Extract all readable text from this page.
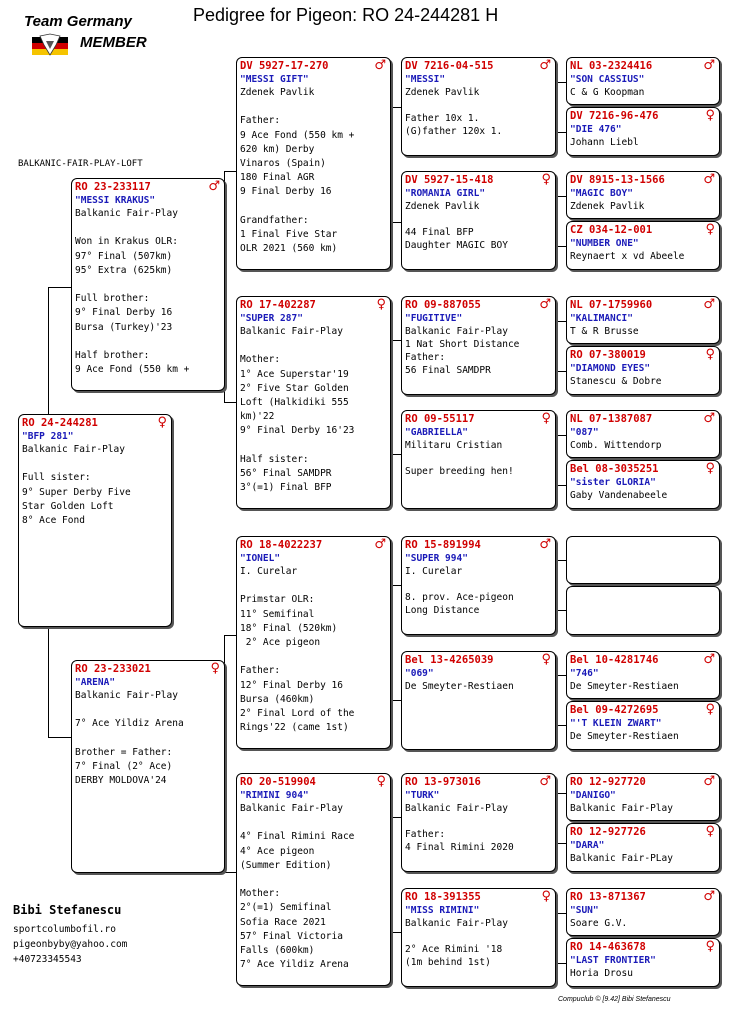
Team Germany
MEMBER
Pedigree for Pigeon: RO 24-244281 H
BALKANIC-FAIR-PLAY-LOFT
RO 24-244281	♀
"BFP 281"
Balkanic Fair-Play

Full sister:
9° Super Derby Five
Star Golden Loft
8° Ace Fond
RO 23-233117	♂
"MESSI KRAKUS"
Balkanic Fair-Play

Won in Krakus OLR:
97° Final (507km)
95° Extra (625km)

Full brother:
9° Final Derby 16
Bursa (Turkey)'23

Half brother:
9 Ace Fond (550 km +
RO 23-233021	♀
"ARENA"
Balkanic Fair-Play

7° Ace Yildiz Arena

Brother = Father:
7° Final (2° Ace)
DERBY MOLDOVA'24
DV 5927-17-270	♂
"MESSI GIFT"
Zdenek Pavlik

Father:
9 Ace Fond (550 km +
620 km) Derby
Vinaros (Spain)
180 Final AGR
9 Final Derby 16

Grandfather:
1 Final Five Star
OLR 2021 (560 km)
RO 17-402287	♀
"SUPER 287"
Balkanic Fair-Play

Mother:
1° Ace Superstar'19
2° Five Star Golden
Loft (Halkidiki 555
km)'22
9° Final Derby 16'23

Half sister:
56° Final SAMDPR
3°(=1) Final BFP
RO 18-4022237	♂
"IONEL"
I. Curelar

Primstar OLR:
11° Semifinal
18° Final (520km)
2° Ace pigeon

Father:
12° Final Derby 16
Bursa (460km)
2° Final Lord of the
Rings'22 (came 1st)
RO 20-519904	♀
"RIMINI 904"
Balkanic Fair-Play

4° Final Rimini Race
4° Ace pigeon
(Summer Edition)

Mother:
2°(=1) Semifinal
Sofia Race 2021
57° Final Victoria
Falls (600km)
7° Ace Yildiz Arena
DV 7216-04-515	♂
"MESSI"
Zdenek Pavlik

Father 10x 1.
(G)father 120x 1.
DV 5927-15-418	♀
"ROMANIA GIRL"
Zdenek Pavlik

44 Final BFP
Daughter MAGIC BOY
RO 09-887055	♂
"FUGITIVE"
Balkanic Fair-Play
1 Nat Short Distance
Father:
56 Final SAMDPR
RO 09-55117	♀
"GABRIELLA"
Militaru Cristian

Super breeding hen!
RO 15-891994	♂
"SUPER 994"
I. Curelar

8. prov. Ace-pigeon
Long Distance
Bel 13-4265039	♀
"069"
De Smeyter-Restiaen
RO 13-973016	♂
"TURK"
Balkanic Fair-Play

Father:
4 Final Rimini 2020
RO 18-391355	♀
"MISS RIMINI"
Balkanic Fair-Play

2° Ace Rimini '18
(1m behind 1st)
NL 03-2324416	♂
"SON CASSIUS"
C & G Koopman
DV 7216-96-476	♀
"DIE 476"
Johann Liebl
DV 8915-13-1566	♂
"MAGIC BOY"
Zdenek Pavlik
CZ 034-12-001	♀
"NUMBER ONE"
Reynaert x vd Abeele
NL 07-1759960	♂
"KALIMANCI"
T & R Brusse
RO 07-380019	♀
"DIAMOND EYES"
Stanescu & Dobre
NL 07-1387087	♂
"087"
Comb. Wittendorp
Bel 08-3035251	♀
"sister GLORIA"
Gaby Vandenabeele
Bel 10-4281746	♂
"746"
De Smeyter-Restiaen
Bel 09-4272695	♀
"'T KLEIN ZWART"
De Smeyter-Restiaen
RO 12-927720	♂
"DANIGO"
Balkanic Fair-Play
RO 12-927726	♀
"DARA"
Balkanic Fair-PLay
RO 13-871367	♂
"SUN"
Soare G.V.
RO 14-463678	♀
"LAST FRONTIER"
Horia Drosu
Bibi Stefanescu
sportcolumbofil.ro
pigeonbyby@yahoo.com
+40723345543
Compuclub © [9.42] Bibi Stefanescu
